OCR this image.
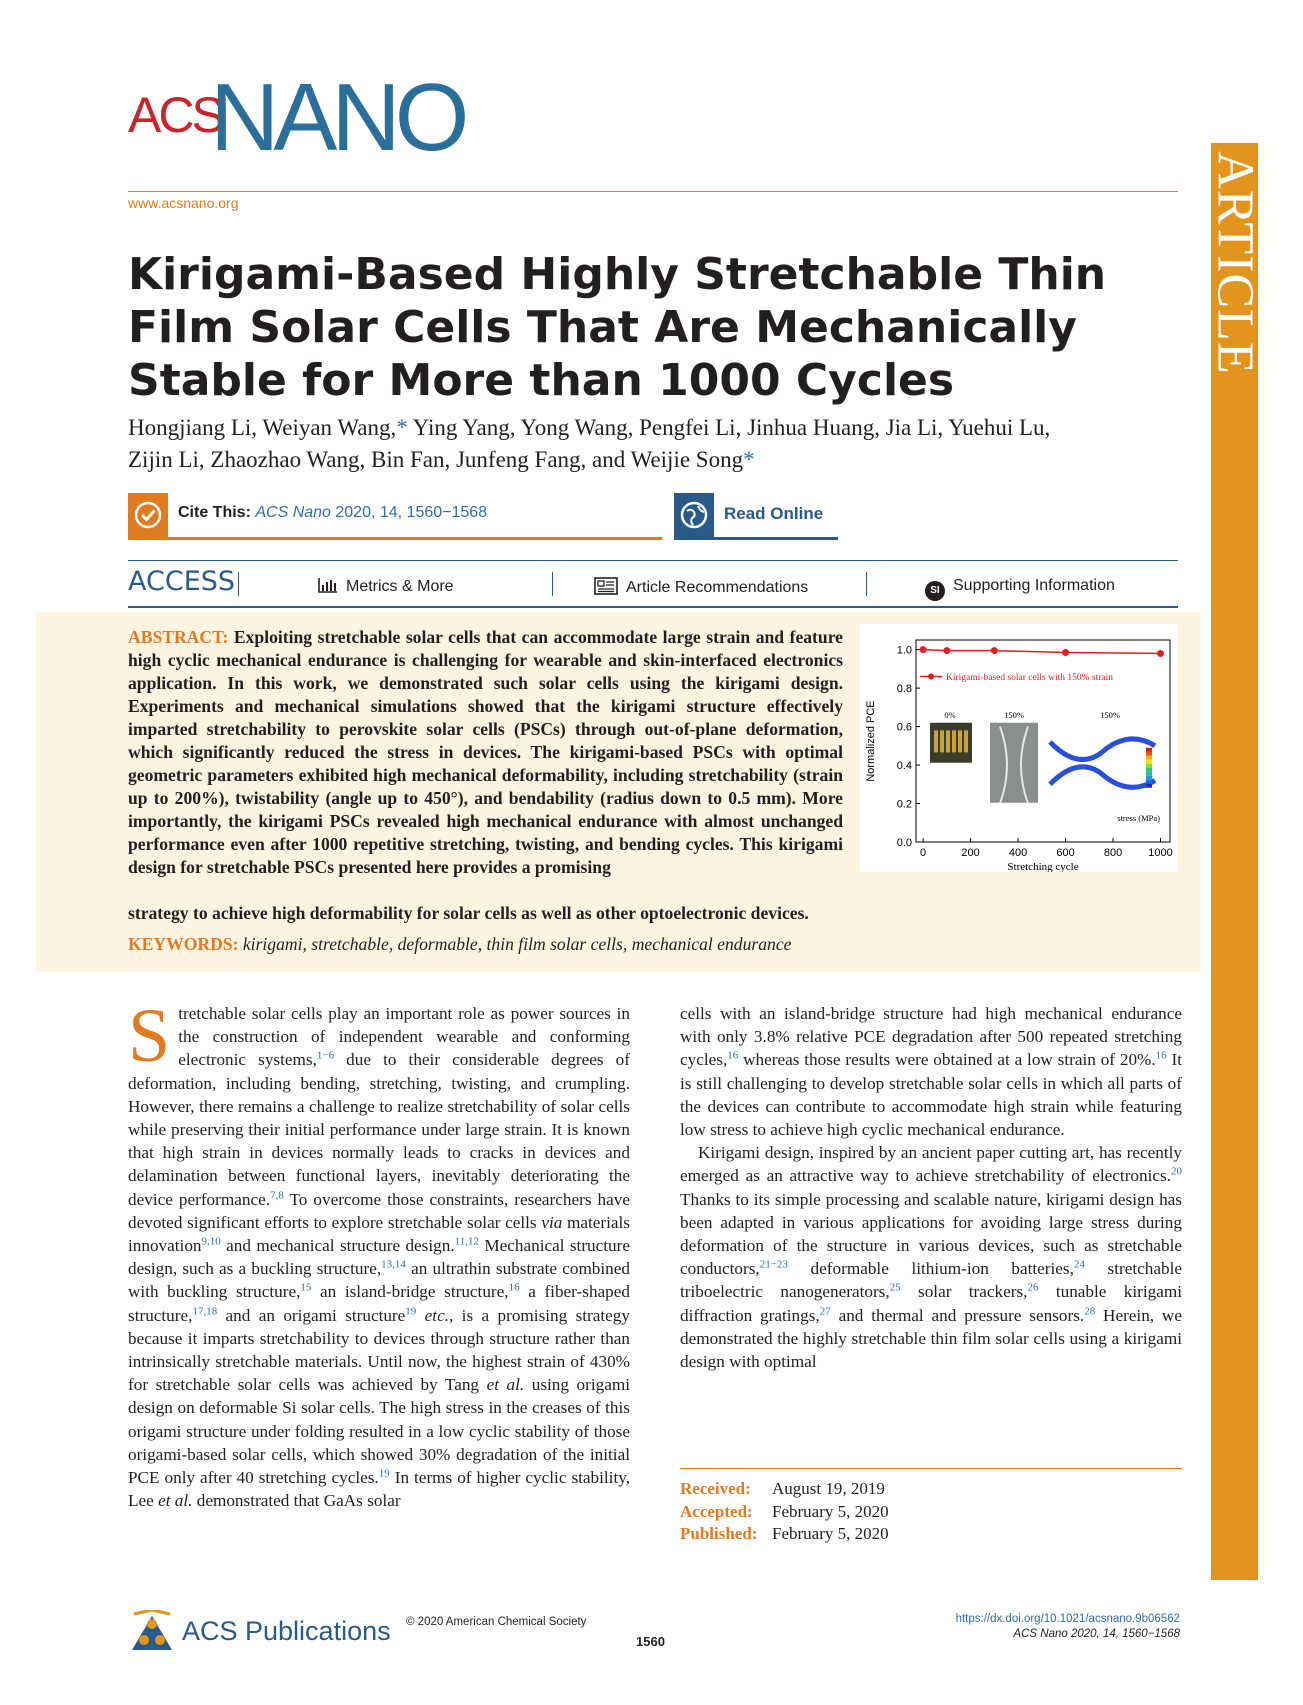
ACS
NANO
www.acsnano.org	ARTICLE
Kirigami-Based Highly Stretchable Thin Film Solar Cells That Are Mechanically Stable for More than 1000 Cycles
Hongjiang Li, Weiyan Wang,* Ying Yang, Yong Wang, Pengfei Li, Jinhua Huang, Jia Li, Yuehui Lu,
Zijin Li, Zhaozhao Wang, Bin Fan, Junfeng Fang, and Weijie Song*
Cite This: ACS Nano 2020, 14, 1560−1568	Read Online
ACCESS	Metrics & More	Article Recommendations	SI Supporting Information
ABSTRACT: Exploiting stretchable solar cells that can accommodate large strain and feature high cyclic mechanical endurance is challenging for wearable and skin-interfaced electronics application. In this work, we demonstrated such solar cells using the kirigami design. Experiments and mechanical simulations showed that the kirigami structure effectively imparted stretchability to perovskite solar cells (PSCs) through out-of-plane deformation, which significantly reduced the stress in devices. The kirigami-based PSCs with optimal geometric parameters exhibited high mechanical deformability, including stretchability (strain up to 200%), twistability (angle up to 450°), and bendability (radius down to 0.5 mm). More importantly, the kirigami PSCs revealed high mechanical endurance with almost unchanged performance even after 1000 repetitive stretching, twisting, and bending cycles. This kirigami design for stretchable PSCs presented here provides a promising
strategy to achieve high deformability for solar cells as well as other optoelectronic devices.
KEYWORDS: kirigami, stretchable, deformable, thin film solar cells, mechanical endurance
0	200	400	600	800 1000
0.0
0.2
0.4
0.6
0.8
1.0
Stretching cycle
Normalized PCE
Kirigami-based solar cells with 150% strain
0%	150%	150%
stress (MPa)
S tretchable solar cells play an important role as power sources in the construction of independent wearable and conforming electronic systems,$^{1-6}$ due to their considerable degrees of deformation, including bending, stretching, twisting, and crumpling. However, there remains a challenge to realize stretchability of solar cells while preserving their initial performance under large strain. It is known that high strain in devices normally leads to cracks in devices and delamination between functional layers, inevitably deteriorating the device performance.$^{7,8}$ To overcome those constraints, researchers have devoted significant efforts to explore stretchable solar cells via materials innovation$^{9,10}$ and mechanical structure design.$^{11,12}$ Mechanical structure design, such as a buckling structure,$^{13,14}$ an ultrathin substrate combined with buckling structure,$^{15}$ an island-bridge structure,$^{16}$ a fiber-shaped structure,$^{17,18}$ and an origami structure$^{19}$ etc., is a promising strategy because it imparts stretchability to devices through structure rather than intrinsically stretchable materials. Until now, the highest strain of 430% for stretchable solar cells was achieved by Tang et al. using origami design on deformable Si solar cells. The high stress in the creases of this origami structure under folding resulted in a low cyclic stability of those origami-based solar cells, which showed 30% degradation of the initial PCE only after 40 stretching cycles.$^{19}$ In terms of higher cyclic stability, Lee et al. demonstrated that GaAs solar

cells with an island-bridge structure had high mechanical endurance with only 3.8% relative PCE degradation after 500 repeated stretching cycles,$^{16}$ whereas those results were obtained at a low strain of 20%.$^{16}$ It is still challenging to develop stretchable solar cells in which all parts of the devices can contribute to accommodate high strain while featuring low stress to achieve high cyclic mechanical endurance.

Kirigami design, inspired by an ancient paper cutting art, has recently emerged as an attractive way to achieve stretchability of electronics.$^{20}$ Thanks to its simple processing and scalable nature, kirigami design has been adapted in various applications for avoiding large stress during deformation of the structure in various devices, such as stretchable conductors,$^{21-23}$ deformable lithium-ion batteries,$^{24}$ stretchable triboelectric nanogenerators,$^{25}$ solar trackers,$^{26}$ tunable kirigami diffraction gratings,$^{27}$ and thermal and pressure sensors.$^{28}$ Herein, we demonstrated the highly stretchable thin film solar cells using a kirigami design with optimal

Received: August 19, 2019
Accepted: February 5, 2020
Published: February 5, 2020
ACS Publications © 2020 American Chemical Society
1560
https://dx.doi.org/10.1021/acsnano.9b06562
ACS Nano 2020, 14, 1560−1568
